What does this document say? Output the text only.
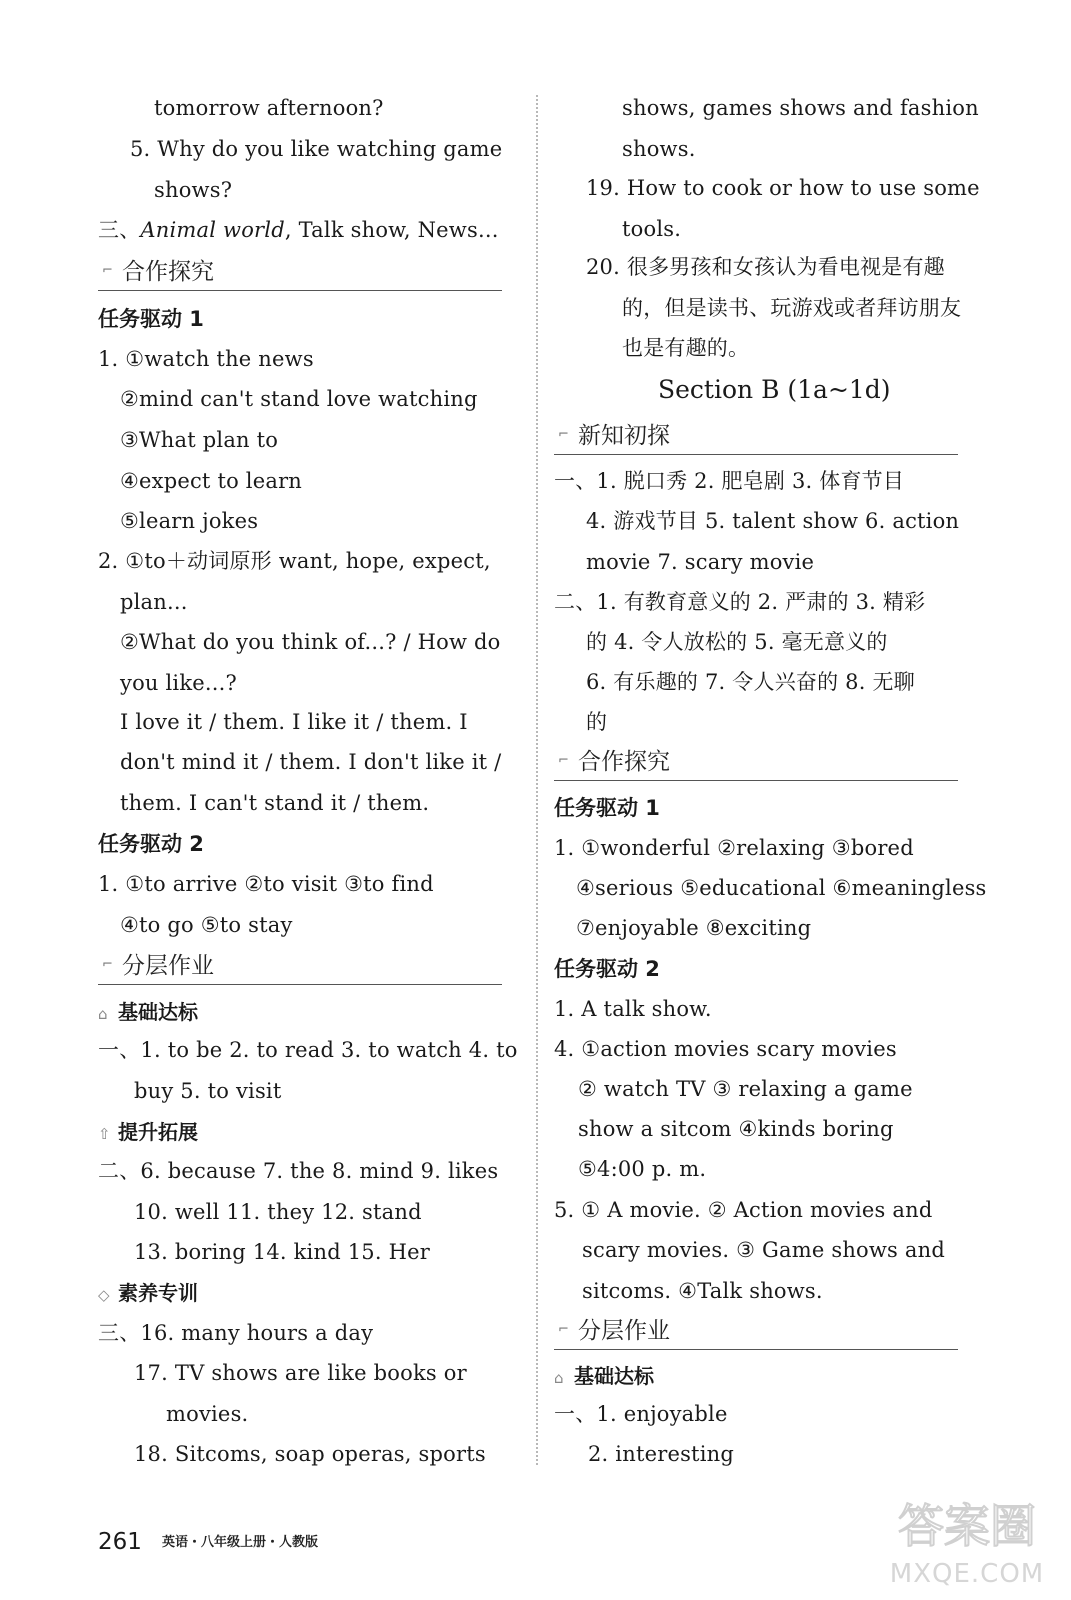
tomorrow afternoon?
5. Why do you like watching game
shows?
三、Animal world, Talk show, News...
⌐ 合作探究
任务驱动 1
1. ①watch the news
②mind can't stand love watching
③What plan to
④expect to learn
⑤learn jokes
2. ①to＋动词原形 want, hope, expect,
plan...
②What do you think of...? / How do
you like...?
I love it / them. I like it / them. I
don't mind it / them. I don't like it /
them. I can't stand it / them.
任务驱动 2
1. ①to arrive ②to visit ③to find
④to go ⑤to stay
⌐ 分层作业
⌂ 基础达标
一、1. to be 2. to read 3. to watch 4. to
buy 5. to visit
⇧ 提升拓展
二、6. because 7. the 8. mind 9. likes
10. well 11. they 12. stand
13. boring 14. kind 15. Her
◇ 素养专训
三、16. many hours a day
17. TV shows are like books or
movies.
18. Sitcoms, soap operas, sports
shows, games shows and fashion
shows.
19. How to cook or how to use some
tools.
20. 很多男孩和女孩认为看电视是有趣
的，但是读书、玩游戏或者拜访朋友
也是有趣的。
Section B (1a~1d)
⌐ 新知初探
一、1. 脱口秀 2. 肥皂剧 3. 体育节目
4. 游戏节目 5. talent show 6. action
movie 7. scary movie
二、1. 有教育意义的 2. 严肃的 3. 精彩
的 4. 令人放松的 5. 毫无意义的
6. 有乐趣的 7. 令人兴奋的 8. 无聊
的
⌐ 合作探究
任务驱动 1
1. ①wonderful ②relaxing ③bored
④serious ⑤educational ⑥meaningless
⑦enjoyable ⑧exciting
任务驱动 2
1. A talk show.
4. ①action movies scary movies
② watch TV ③ relaxing a game
show a sitcom ④kinds boring
⑤4:00 p. m.
5. ① A movie. ② Action movies and
scary movies. ③ Game shows and
sitcoms. ④Talk shows.
⌐ 分层作业
⌂ 基础达标
一、1. enjoyable
2. interesting
261 英语・八年级上册・人教版	答案圈
MXQE.COM
